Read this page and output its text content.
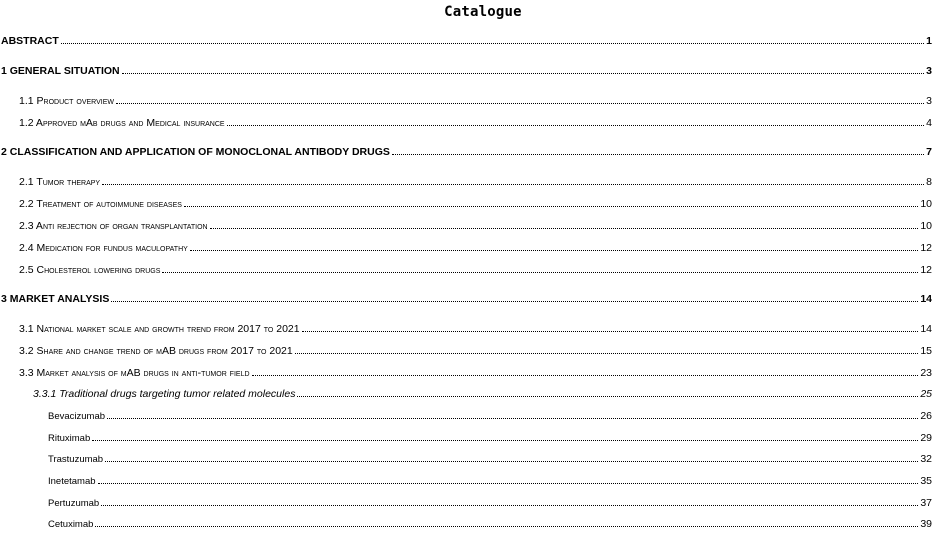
Catalogue
ABSTRACT	1
1 GENERAL SITUATION	3
1.1 Product overview	3
1.2 Approved mAb drugs and Medical insurance	4
2 CLASSIFICATION AND APPLICATION OF MONOCLONAL ANTIBODY DRUGS	7
2.1 Tumor therapy	8
2.2 Treatment of autoimmune diseases	10
2.3 Anti rejection of organ transplantation	10
2.4 Medication for fundus maculopathy	12
2.5 Cholesterol lowering drugs	12
3 MARKET ANALYSIS	14
3.1 National market scale and growth trend from 2017 to 2021	14
3.2 Share and change trend of mAB drugs from 2017 to 2021	15
3.3 Market analysis of mAB drugs in anti-tumor field	23
3.3.1 Traditional drugs targeting tumor related molecules	25
Bevacizumab	26
Rituximab	29
Trastuzumab	32
Inetetamab	35
Pertuzumab	37
Cetuximab	39
